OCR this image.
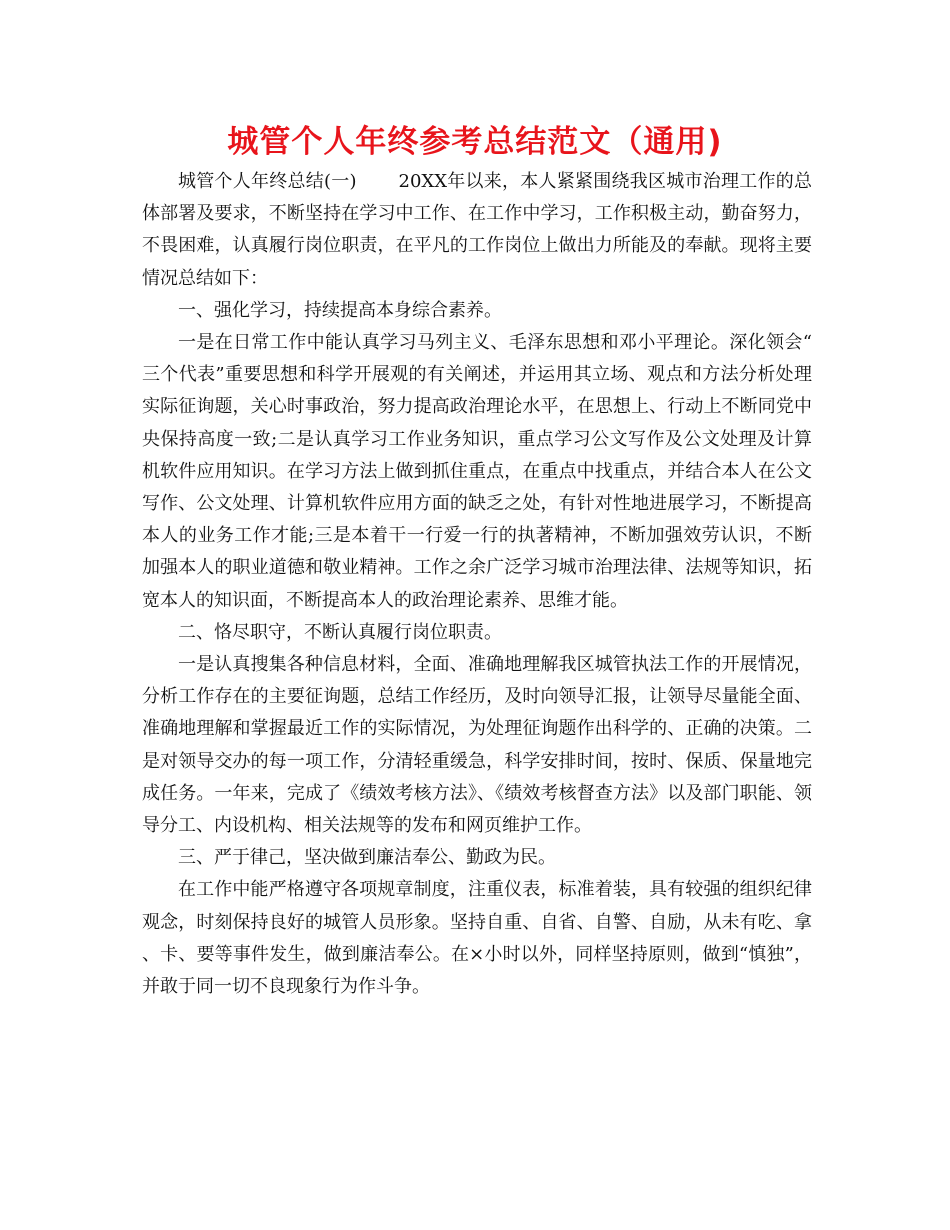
城管个人年终参考总结范文（通用)

城管个人年终总结(一) 20XX年以来，本人紧紧围绕我区城市治理工作的总体部署及要求，不断坚持在学习中工作、在工作中学习，工作积极主动，勤奋努力，不畏困难，认真履行岗位职责，在平凡的工作岗位上做出力所能及的奉献。现将主要情况总结如下：

一、强化学习，持续提高本身综合素养。

一是在日常工作中能认真学习马列主义、毛泽东思想和邓小平理论。深化领会“三个代表”重要思想和科学开展观的有关阐述，并运用其立场、观点和方法分析处理实际征询题，关心时事政治，努力提高政治理论水平，在思想上、行动上不断同党中央保持高度一致;二是认真学习工作业务知识，重点学习公文写作及公文处理及计算机软件应用知识。在学习方法上做到抓住重点，在重点中找重点，并结合本人在公文写作、公文处理、计算机软件应用方面的缺乏之处，有针对性地进展学习，不断提高本人的业务工作才能;三是本着干一行爱一行的执著精神，不断加强效劳认识，不断加强本人的职业道德和敬业精神。工作之余广泛学习城市治理法律、法规等知识，拓宽本人的知识面，不断提高本人的政治理论素养、思维才能。

二、恪尽职守，不断认真履行岗位职责。

一是认真搜集各种信息材料，全面、准确地理解我区城管执法工作的开展情况，分析工作存在的主要征询题，总结工作经历，及时向领导汇报，让领导尽量能全面、准确地理解和掌握最近工作的实际情况，为处理征询题作出科学的、正确的决策。二是对领导交办的每一项工作，分清轻重缓急，科学安排时间，按时、保质、保量地完成任务。一年来，完成了《绩效考核方法》、《绩效考核督查方法》以及部门职能、领导分工、内设机构、相关法规等的发布和网页维护工作。

三、严于律己，坚决做到廉洁奉公、勤政为民。

在工作中能严格遵守各项规章制度，注重仪表，标准着装，具有较强的组织纪律观念，时刻保持良好的城管人员形象。坚持自重、自省、自警、自励，从未有吃、拿、卡、要等事件发生，做到廉洁奉公。在×小时以外，同样坚持原则，做到“慎独”，并敢于同一切不良现象行为作斗争。
